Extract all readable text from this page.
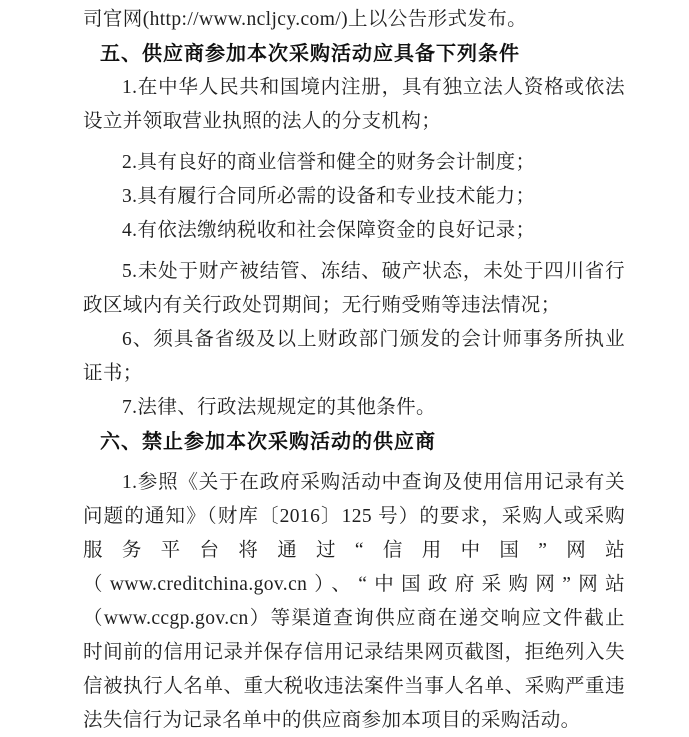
司官网(http://www.ncljcy.com/)上以公告形式发布。

五、供应商参加本次采购活动应具备下列条件

1.在中华人民共和国境内注册，具有独立法人资格或依法设立并领取营业执照的法人的分支机构；

2.具有良好的商业信誉和健全的财务会计制度；

3.具有履行合同所必需的设备和专业技术能力；

4.有依法缴纳税收和社会保障资金的良好记录；

5.未处于财产被结管、冻结、破产状态，未处于四川省行政区域内有关行政处罚期间；无行贿受贿等违法情况；

6、须具备省级及以上财政部门颁发的会计师事务所执业证书；

7.法律、行政法规规定的其他条件。

六、禁止参加本次采购活动的供应商

1.参照《关于在政府采购活动中查询及使用信用记录有关问题的通知》（财库〔2016〕125 号）的要求，采购人或采购服务平台将通过“信用中国”网站（www.creditchina.gov.cn）、“中国政府采购网”网站（www.ccgp.gov.cn）等渠道查询供应商在递交响应文件截止时间前的信用记录并保存信用记录结果网页截图，拒绝列入失信被执行人名单、重大税收违法案件当事人名单、采购严重违法失信行为记录名单中的供应商参加本项目的采购活动。
